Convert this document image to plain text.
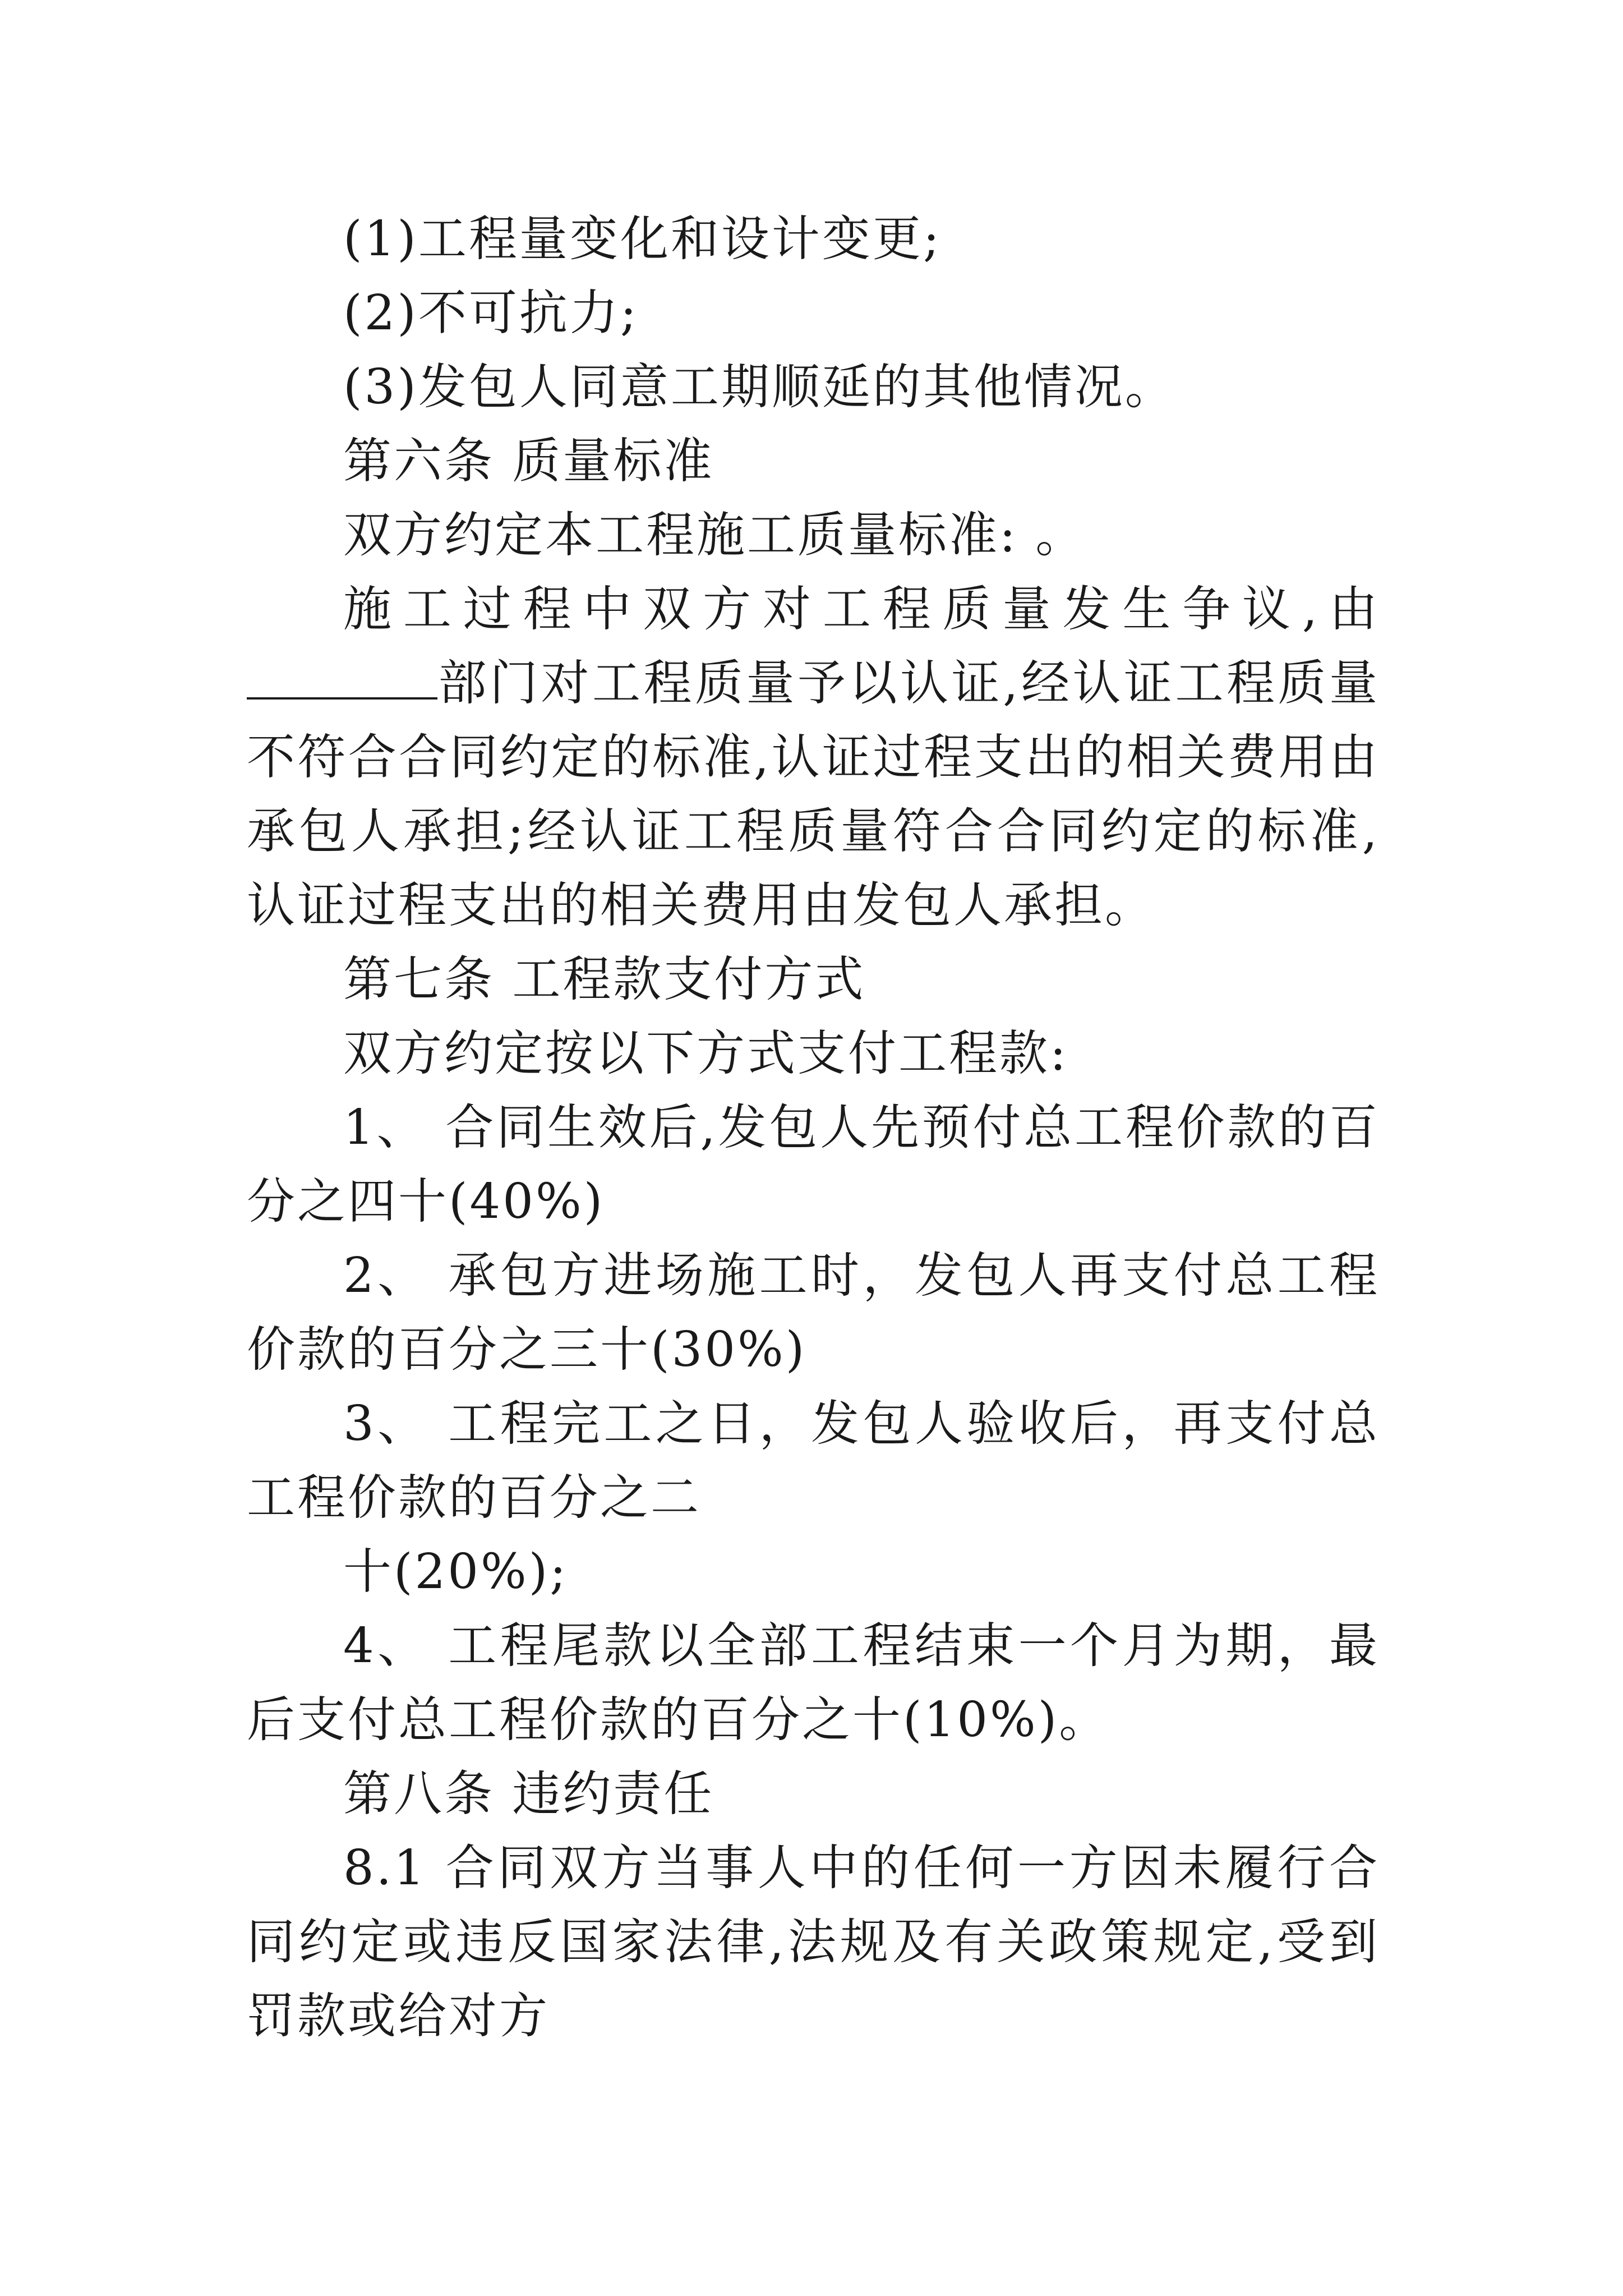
(1)工程量变化和设计变更;

(2)不可抗力;

(3)发包人同意工期顺延的其他情况。

第六条 质量标准

双方约定本工程施工质量标准: 。

施工过程中双方对工程质量发生争议,由部门对工程质量予以认证,经认证工程质量不符合合同约定的标准,认证过程支出的相关费用由承包人承担;经认证工程质量符合合同约定的标准,认证过程支出的相关费用由发包人承担。

第七条 工程款支付方式

双方约定按以下方式支付工程款:

1、 合同生效后,发包人先预付总工程价款的百分之四十(40%)

2、 承包方进场施工时，发包人再支付总工程价款的百分之三十(30%)

3、 工程完工之日，发包人验收后，再支付总工程价款的百分之二

十(20%);

4、 工程尾款以全部工程结束一个月为期，最后支付总工程价款的百分之十(10%)。

第八条 违约责任

8.1 合同双方当事人中的任何一方因未履行合同约定或违反国家法律,法规及有关政策规定,受到罚款或给对方
